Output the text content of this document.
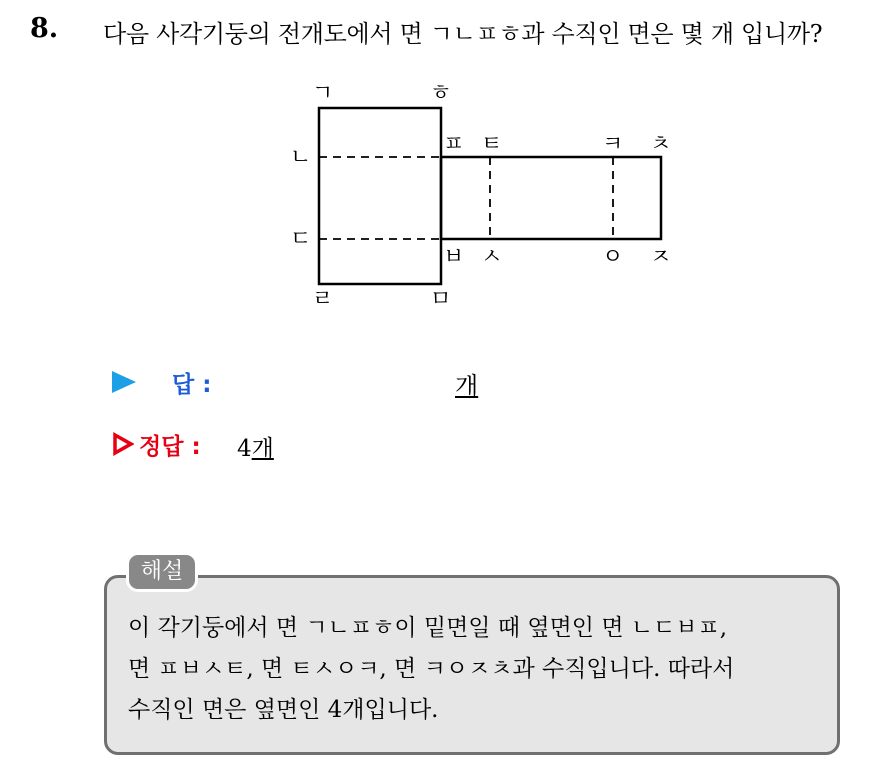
8. 다음 사각기둥의 전개도에서 면 ㄱㄴㅍㅎ과 수직인 면은 몇 개 입니까?
ㄱ	ㅎ
ㄴ
ㅍ ㅌ	ㅋ ㅊ
ㄷ
ㅂ ㅅ	ㅇ ㅈ
ㄹ	ㅁ
답 :	개
정답 : 4개
해설
이 각기둥에서 면 ㄱㄴㅍㅎ이 밑면일 때 옆면인 면 ㄴㄷㅂㅍ,
면 ㅍㅂㅅㅌ, 면 ㅌㅅㅇㅋ, 면 ㅋㅇㅈㅊ과 수직입니다. 따라서
수직인 면은 옆면인 4개입니다.
